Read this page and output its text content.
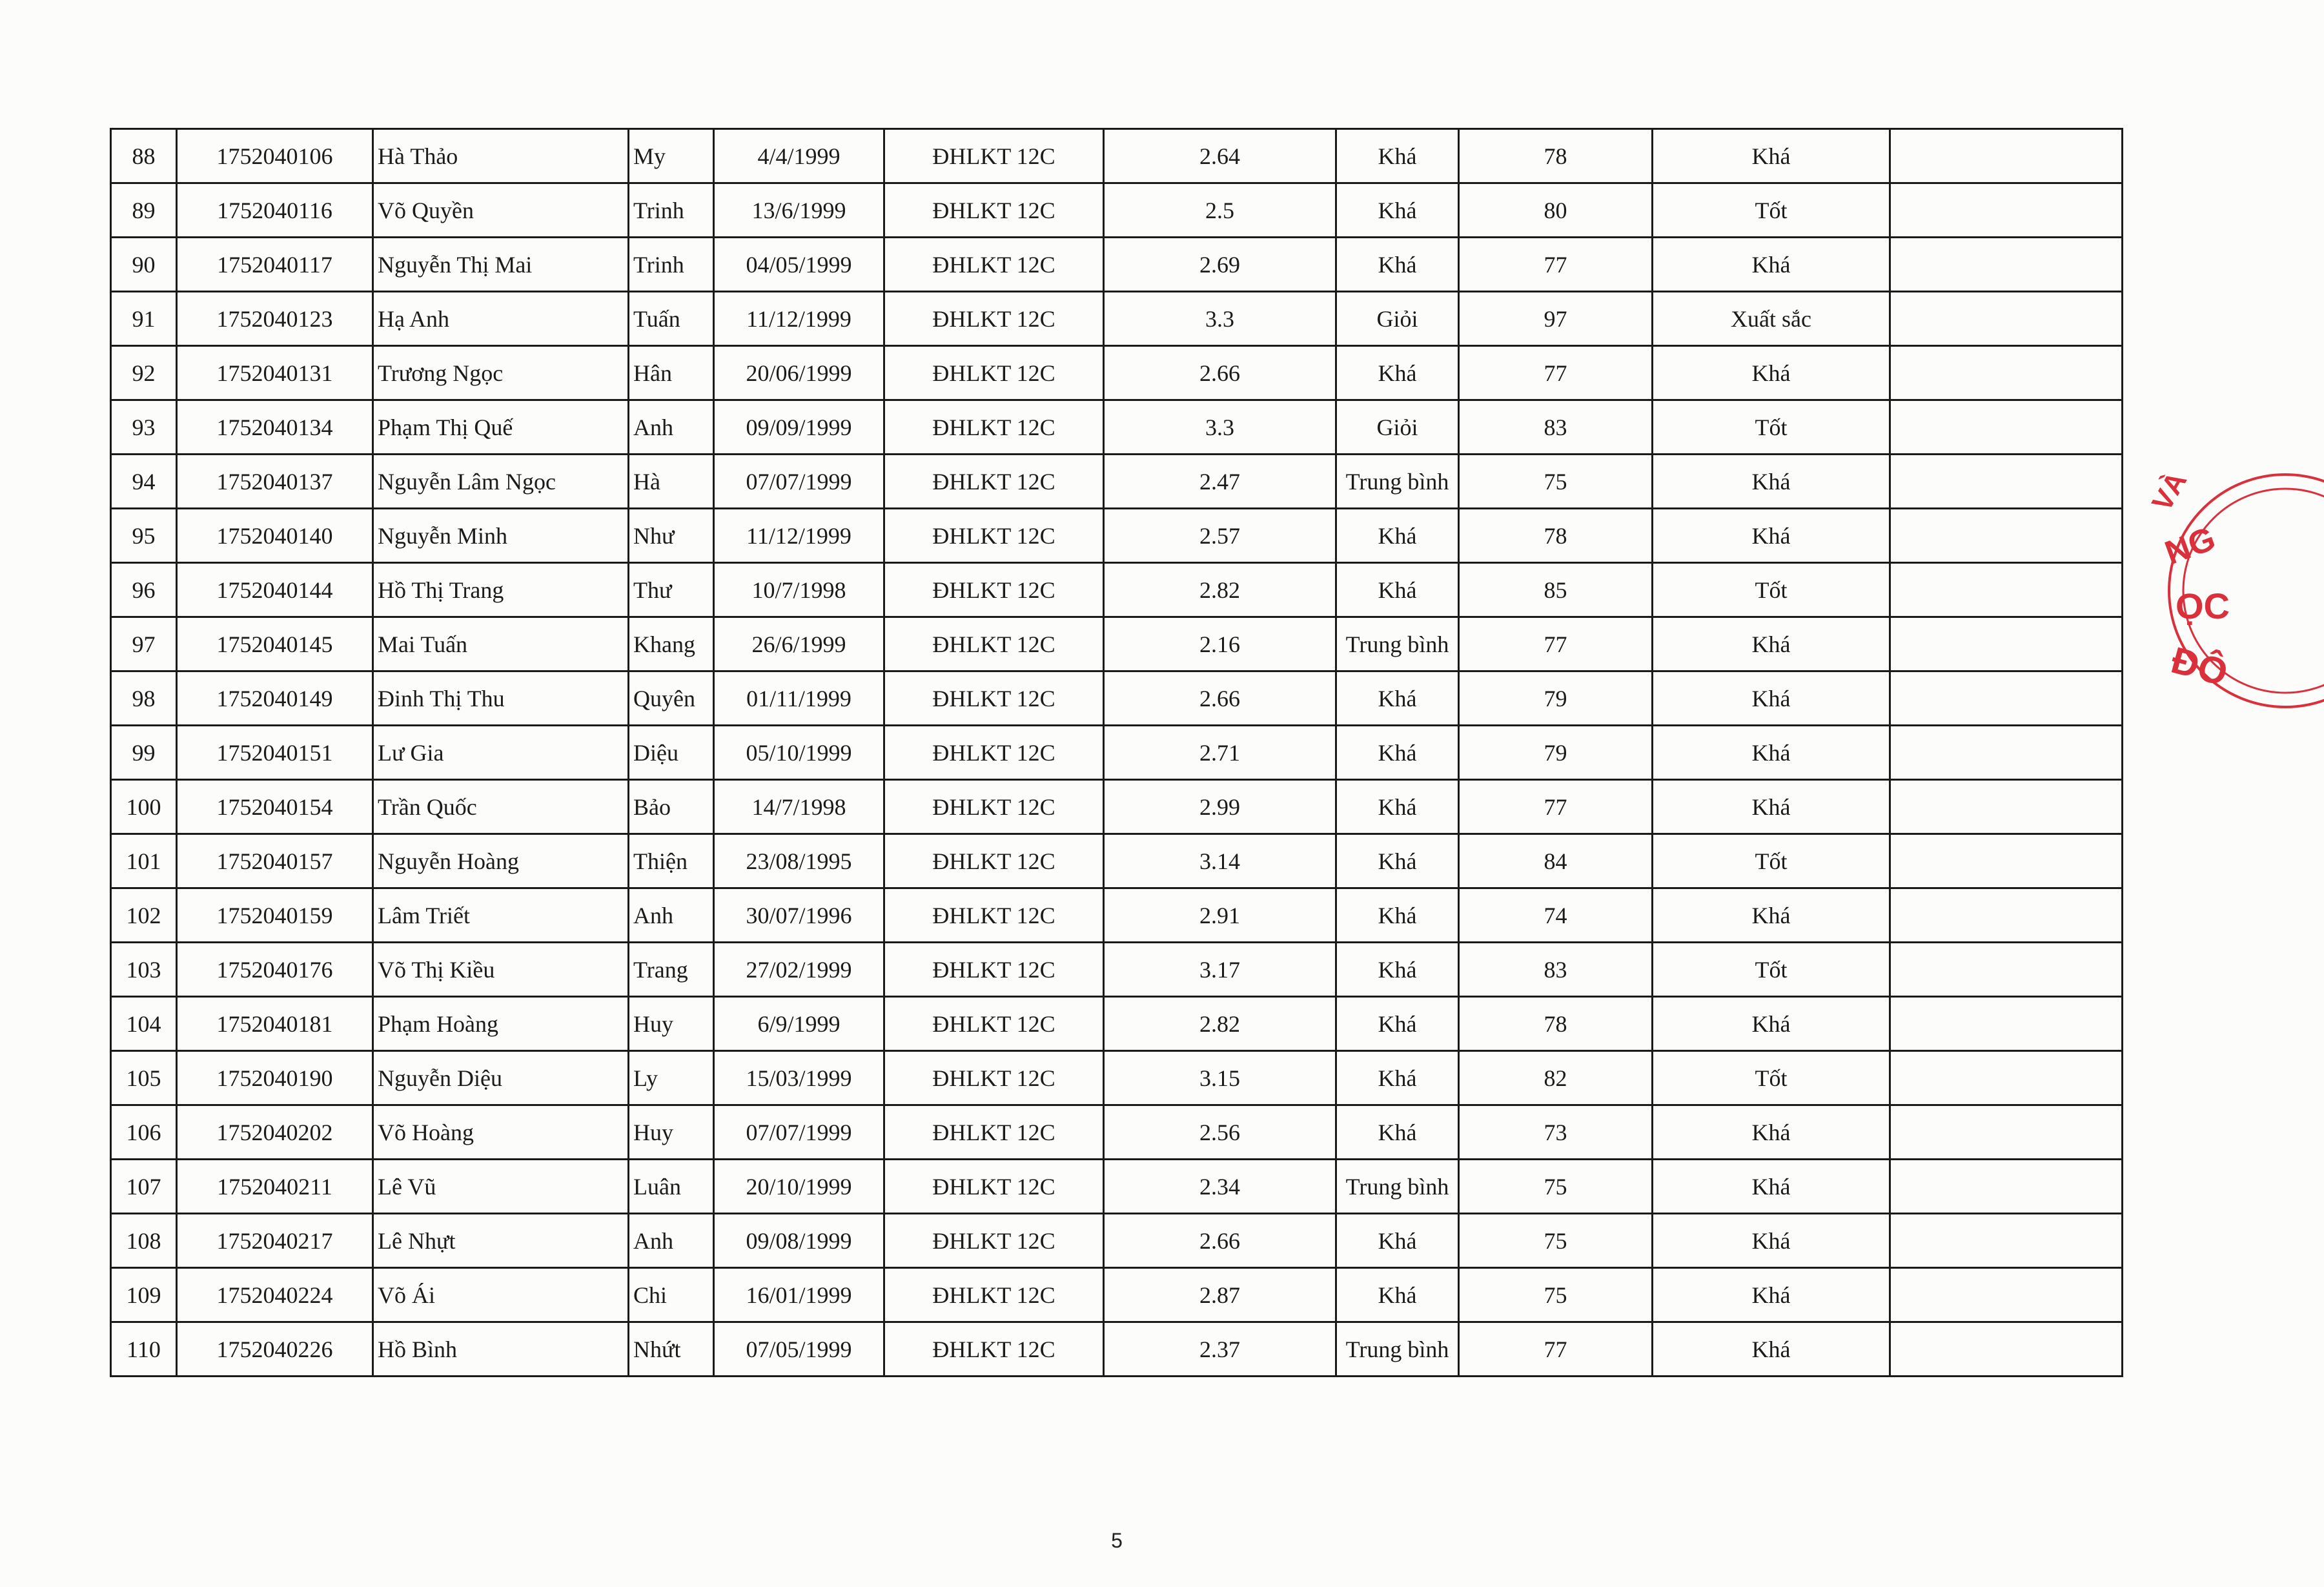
88	1752040106	Hà Thảo	My	4/4/1999	ĐHLKT 12C	2.64	Khá	78	Khá	
89	1752040116	Võ Quyền	Trinh	13/6/1999	ĐHLKT 12C	2.5	Khá	80	Tốt	
90	1752040117	Nguyễn Thị Mai	Trinh	04/05/1999	ĐHLKT 12C	2.69	Khá	77	Khá	
91	1752040123	Hạ Anh	Tuấn	11/12/1999	ĐHLKT 12C	3.3	Giỏi	97	Xuất sắc	
92	1752040131	Trương Ngọc	Hân	20/06/1999	ĐHLKT 12C	2.66	Khá	77	Khá	
93	1752040134	Phạm Thị Quế	Anh	09/09/1999	ĐHLKT 12C	3.3	Giỏi	83	Tốt	
94	1752040137	Nguyễn Lâm Ngọc	Hà	07/07/1999	ĐHLKT 12C	2.47	Trung bình	75	Khá	
95	1752040140	Nguyễn Minh	Như	11/12/1999	ĐHLKT 12C	2.57	Khá	78	Khá	
96	1752040144	Hồ Thị Trang	Thư	10/7/1998	ĐHLKT 12C	2.82	Khá	85	Tốt	
97	1752040145	Mai Tuấn	Khang	26/6/1999	ĐHLKT 12C	2.16	Trung bình	77	Khá	
98	1752040149	Đinh Thị Thu	Quyên	01/11/1999	ĐHLKT 12C	2.66	Khá	79	Khá	
99	1752040151	Lư Gia	Diệu	05/10/1999	ĐHLKT 12C	2.71	Khá	79	Khá	
100	1752040154	Trần Quốc	Bảo	14/7/1998	ĐHLKT 12C	2.99	Khá	77	Khá	
101	1752040157	Nguyễn Hoàng	Thiện	23/08/1995	ĐHLKT 12C	3.14	Khá	84	Tốt	
102	1752040159	Lâm Triết	Anh	30/07/1996	ĐHLKT 12C	2.91	Khá	74	Khá	
103	1752040176	Võ Thị Kiều	Trang	27/02/1999	ĐHLKT 12C	3.17	Khá	83	Tốt	
104	1752040181	Phạm Hoàng	Huy	6/9/1999	ĐHLKT 12C	2.82	Khá	78	Khá	
105	1752040190	Nguyễn Diệu	Ly	15/03/1999	ĐHLKT 12C	3.15	Khá	82	Tốt	
106	1752040202	Võ Hoàng	Huy	07/07/1999	ĐHLKT 12C	2.56	Khá	73	Khá	
107	1752040211	Lê Vũ	Luân	20/10/1999	ĐHLKT 12C	2.34	Trung bình	75	Khá	
108	1752040217	Lê Nhựt	Anh	09/08/1999	ĐHLKT 12C	2.66	Khá	75	Khá	
109	1752040224	Võ Ái	Chi	16/01/1999	ĐHLKT 12C	2.87	Khá	75	Khá	
110	1752040226	Hồ Bình	Nhứt	07/05/1999	ĐHLKT 12C	2.37	Trung bình	77	Khá	
VÀ
NG
ỌC
ĐÔ
5
